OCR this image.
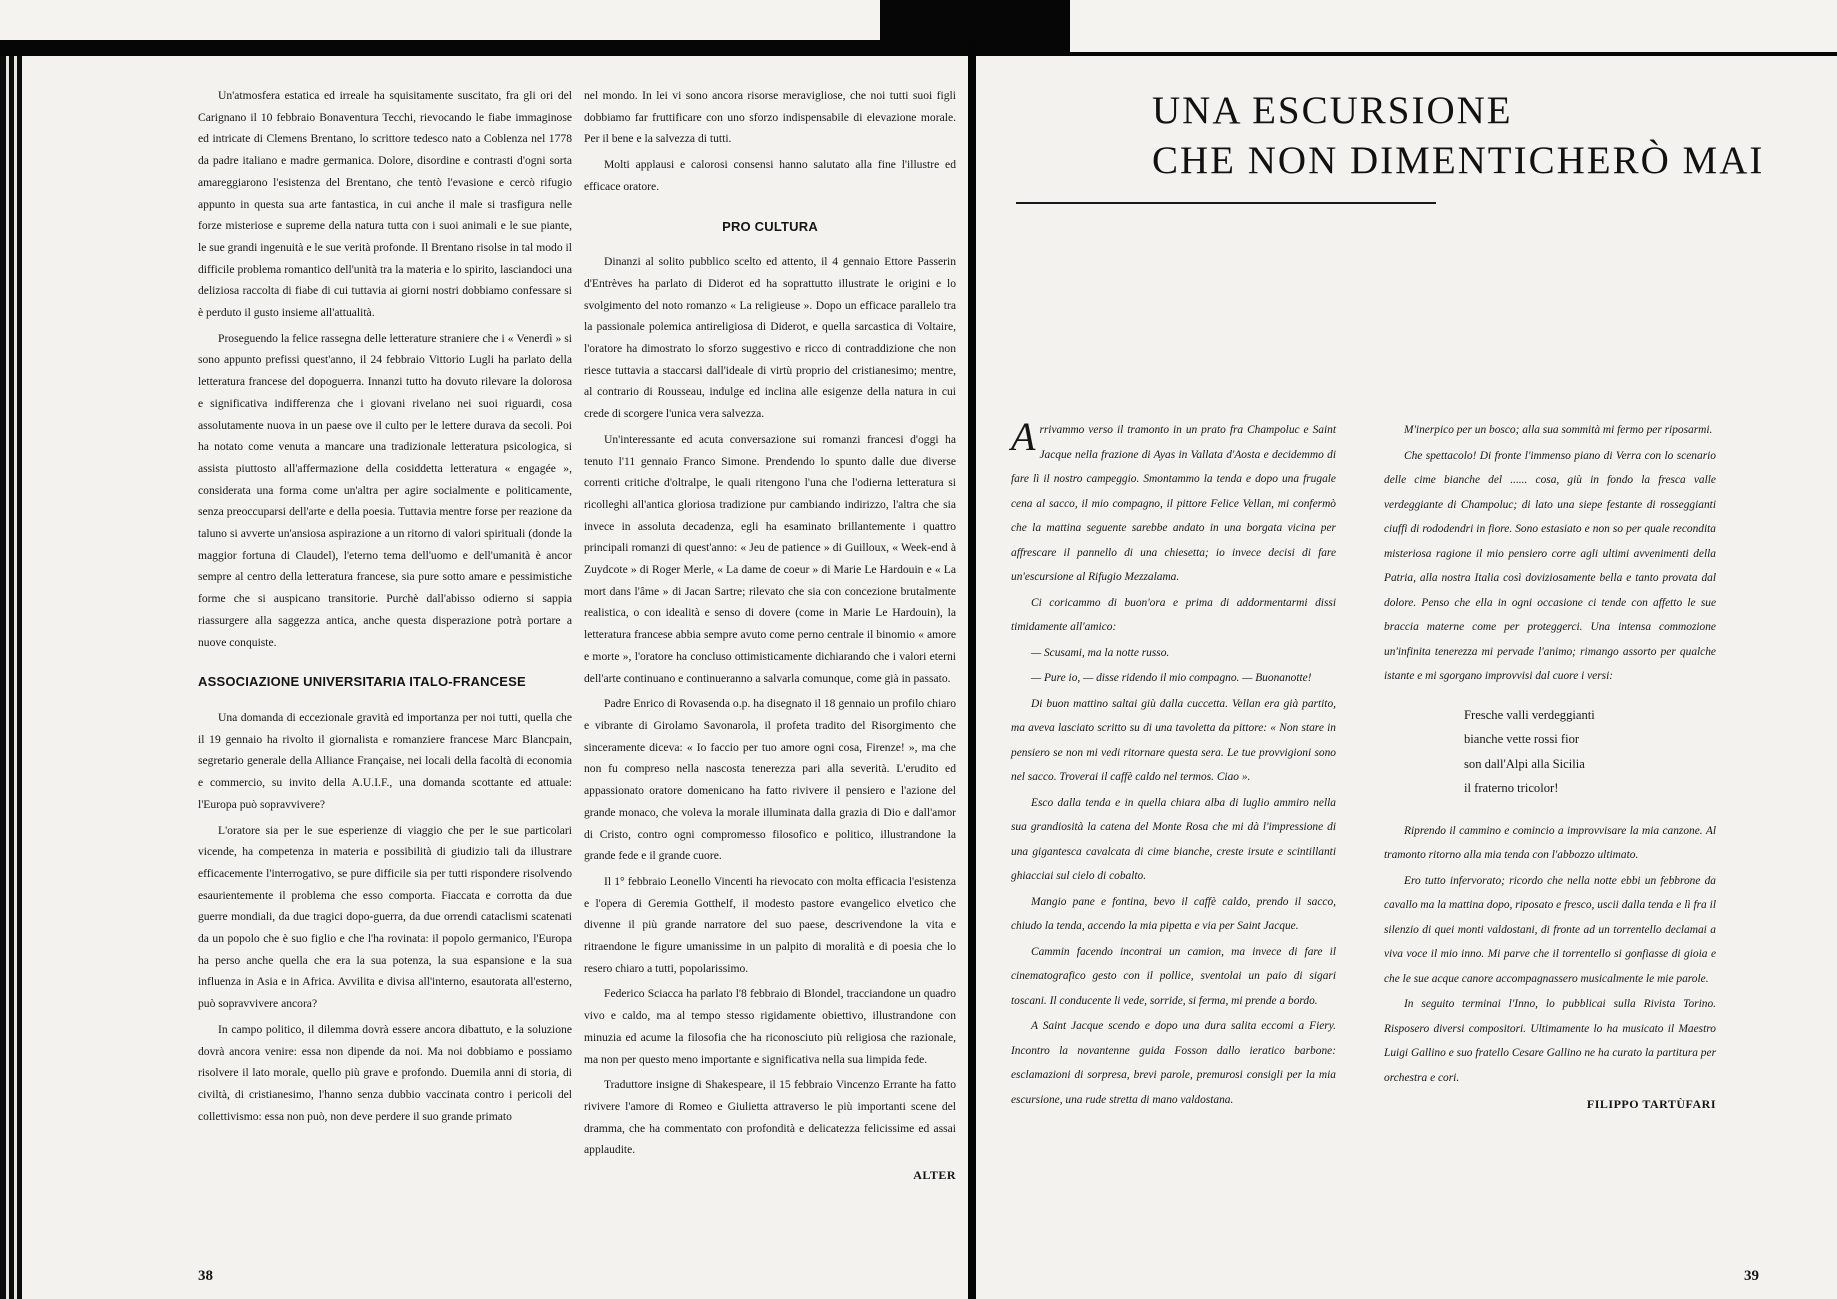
Un'atmosfera estatica ed irreale ha squisitamente suscitato, fra gli ori del Carignano il 10 febbraio Bonaventura Tecchi, rievocando le fiabe immaginose ed intricate di Clemens Brentano, lo scrittore tedesco nato a Coblenza nel 1778 da padre italiano e madre germanica. Dolore, disordine e contrasti d'ogni sorta amareggiarono l'esistenza del Brentano, che tentò l'evasione e cercò rifugio appunto in questa sua arte fantastica, in cui anche il male si trasfigura nelle forze misteriose e supreme della natura tutta con i suoi animali e le sue piante, le sue grandi ingenuità e le sue verità profonde. Il Brentano risolse in tal modo il difficile problema romantico dell'unità tra la materia e lo spirito, lasciandoci una deliziosa raccolta di fiabe di cui tuttavia ai giorni nostri dobbiamo confessare si è perduto il gusto insieme all'attualità.

Proseguendo la felice rassegna delle letterature straniere che i « Venerdì » si sono appunto prefissi quest'anno, il 24 febbraio Vittorio Lugli ha parlato della letteratura francese del dopoguerra. Innanzi tutto ha dovuto rilevare la dolorosa e significativa indifferenza che i giovani rivelano nei suoi riguardi, cosa assolutamente nuova in un paese ove il culto per le lettere durava da secoli. Poi ha notato come venuta a mancare una tradizionale letteratura psicologica, si assista piuttosto all'affermazione della cosiddetta letteratura « engagée », considerata una forma come un'altra per agire socialmente e politicamente, senza preoccuparsi dell'arte e della poesia. Tuttavia mentre forse per reazione da taluno si avverte un'ansiosa aspirazione a un ritorno di valori spirituali (donde la maggior fortuna di Claudel), l'eterno tema dell'uomo e dell'umanità è ancor sempre al centro della letteratura francese, sia pure sotto amare e pessimistiche forme che si auspicano transitorie. Purchè dall'abisso odierno si sappia riassurgere alla saggezza antica, anche questa disperazione potrà portare a nuove conquiste.

ASSOCIAZIONE UNIVERSITARIA ITALO-FRANCESE

Una domanda di eccezionale gravità ed importanza per noi tutti, quella che il 19 gennaio ha rivolto il giornalista e romanziere francese Marc Blancpain, segretario generale della Alliance Française, nei locali della facoltà di economia e commercio, su invito della A.U.I.F., una domanda scottante ed attuale: l'Europa può sopravvivere?

L'oratore sia per le sue esperienze di viaggio che per le sue particolari vicende, ha competenza in materia e possibilità di giudizio tali da illustrare efficacemente l'interrogativo, se pure difficile sia per tutti rispondere risolvendo esaurientemente il problema che esso comporta. Fiaccata e corrotta da due guerre mondiali, da due tragici dopo-guerra, da due orrendi cataclismi scatenati da un popolo che è suo figlio e che l'ha rovinata: il popolo germanico, l'Europa ha perso anche quella che era la sua potenza, la sua espansione e la sua influenza in Asia e in Africa. Avvilita e divisa all'interno, esautorata all'esterno, può sopravvivere ancora?

In campo politico, il dilemma dovrà essere ancora dibattuto, e la soluzione dovrà ancora venire: essa non dipende da noi. Ma noi dobbiamo e possiamo risolvere il lato morale, quello più grave e profondo. Duemila anni di storia, di civiltà, di cristianesimo, l'hanno senza dubbio vaccinata contro i pericoli del collettivismo: essa non può, non deve perdere il suo grande primato

nel mondo. In lei vi sono ancora risorse meravigliose, che noi tutti suoi figli dobbiamo far fruttificare con uno sforzo indispensabile di elevazione morale. Per il bene e la salvezza di tutti.

Molti applausi e calorosi consensi hanno salutato alla fine l'illustre ed efficace oratore.

PRO CULTURA

Dinanzi al solito pubblico scelto ed attento, il 4 gennaio Ettore Passerin d'Entrèves ha parlato di Diderot ed ha soprattutto illustrate le origini e lo svolgimento del noto romanzo « La religieuse ». Dopo un efficace parallelo tra la passionale polemica antireligiosa di Diderot, e quella sarcastica di Voltaire, l'oratore ha dimostrato lo sforzo suggestivo e ricco di contraddizione che non riesce tuttavia a staccarsi dall'ideale di virtù proprio del cristianesimo; mentre, al contrario di Rousseau, indulge ed inclina alle esigenze della natura in cui crede di scorgere l'unica vera salvezza.

Un'interessante ed acuta conversazione sui romanzi francesi d'oggi ha tenuto l'11 gennaio Franco Simone. Prendendo lo spunto dalle due diverse correnti critiche d'oltralpe, le quali ritengono l'una che l'odierna letteratura si ricolleghi all'antica gloriosa tradizione pur cambiando indirizzo, l'altra che sia invece in assoluta decadenza, egli ha esaminato brillantemente i quattro principali romanzi di quest'anno: « Jeu de patience » di Guilloux, « Week-end à Zuydcote » di Roger Merle, « La dame de coeur » di Marie Le Hardouin e « La mort dans l'âme » di Jacan Sartre; rilevato che sia con concezione brutalmente realistica, o con idealità e senso di dovere (come in Marie Le Hardouin), la letteratura francese abbia sempre avuto come perno centrale il binomio « amore e morte », l'oratore ha concluso ottimisticamente dichiarando che i valori eterni dell'arte continuano e continueranno a salvarla comunque, come già in passato.

Padre Enrico di Rovasenda o.p. ha disegnato il 18 gennaio un profilo chiaro e vibrante di Girolamo Savonarola, il profeta tradito del Risorgimento che sinceramente diceva: « Io faccio per tuo amore ogni cosa, Firenze! », ma che non fu compreso nella nascosta tenerezza pari alla severità. L'erudito ed appassionato oratore domenicano ha fatto rivivere il pensiero e l'azione del grande monaco, che voleva la morale illuminata dalla grazia di Dio e dall'amor di Cristo, contro ogni compromesso filosofico e politico, illustrandone la grande fede e il grande cuore.

Il 1° febbraio Leonello Vincenti ha rievocato con molta efficacia l'esistenza e l'opera di Geremia Gotthelf, il modesto pastore evangelico elvetico che divenne il più grande narratore del suo paese, descrivendone la vita e ritraendone le figure umanissime in un palpito di moralità e di poesia che lo resero chiaro a tutti, popolarissimo.

Federico Sciacca ha parlato l'8 febbraio di Blondel, tracciandone un quadro vivo e caldo, ma al tempo stesso rigidamente obiettivo, illustrandone con minuzia ed acume la filosofia che ha riconosciuto più religiosa che razionale, ma non per questo meno importante e significativa nella sua limpida fede.

Traduttore insigne di Shakespeare, il 15 febbraio Vincenzo Errante ha fatto rivivere l'amore di Romeo e Giulietta attraverso le più importanti scene del dramma, che ha commentato con profondità e delicatezza felicissime ed assai applaudite.

ALTER
38
UNA ESCURSIONE
CHE NON DIMENTICHERÒ MAI

Arrivammo verso il tramonto in un prato fra Champoluc e Saint Jacque nella frazione di Ayas in Vallata d'Aosta e decidemmo di fare lì il nostro campeggio. Smontammo la tenda e dopo una frugale cena al sacco, il mio compagno, il pittore Felice Vellan, mi confermò che la mattina seguente sarebbe andato in una borgata vicina per affrescare il pannello di una chiesetta; io invece decisi di fare un'escursione al Rifugio Mezzalama.

Ci coricammo di buon'ora e prima di addormentarmi dissi timidamente all'amico:

— Scusami, ma la notte russo.

— Pure io, — disse ridendo il mio compagno. — Buonanotte!

Di buon mattino saltai giù dalla cuccetta. Vellan era già partito, ma aveva lasciato scritto su di una tavoletta da pittore: « Non stare in pensiero se non mi vedi ritornare questa sera. Le tue provvigioni sono nel sacco. Troverai il caffè caldo nel termos. Ciao ».

Esco dalla tenda e in quella chiara alba di luglio ammiro nella sua grandiosità la catena del Monte Rosa che mi dà l'impressione di una gigantesca cavalcata di cime bianche, creste irsute e scintillanti ghiacciai sul cielo di cobalto.

Mangio pane e fontina, bevo il caffè caldo, prendo il sacco, chiudo la tenda, accendo la mia pipetta e via per Saint Jacque.

Cammin facendo incontrai un camion, ma invece di fare il cinematografico gesto con il pollice, sventolai un paio di sigari toscani. Il conducente li vede, sorride, si ferma, mi prende a bordo.

A Saint Jacque scendo e dopo una dura salita eccomi a Fiery. Incontro la novantenne guida Fosson dallo ieratico barbone: esclamazioni di sorpresa, brevi parole, premurosi consigli per la mia escursione, una rude stretta di mano valdostana.

M'inerpico per un bosco; alla sua sommità mi fermo per riposarmi.

Che spettacolo! Di fronte l'immenso piano di Verra con lo scenario delle cime bianche del ...... cosa, giù in fondo la fresca valle verdeggiante di Champoluc; di lato una siepe festante di rosseggianti ciuffi di rododendri in fiore. Sono estasiato e non so per quale recondita misteriosa ragione il mio pensiero corre agli ultimi avvenimenti della Patria, alla nostra Italia così doviziosamente bella e tanto provata dal dolore. Penso che ella in ogni occasione ci tende con affetto le sue braccia materne come per proteggerci. Una intensa commozione un'infinita tenerezza mi pervade l'animo; rimango assorto per qualche istante e mi sgorgano improvvisi dal cuore i versi:

Fresche valli verdeggianti
bianche vette rossi fior
son dall'Alpi alla Sicilia
il fraterno tricolor!

Riprendo il cammino e comincio a improvvisare la mia canzone. Al tramonto ritorno alla mia tenda con l'abbozzo ultimato.

Ero tutto infervorato; ricordo che nella notte ebbi un febbrone da cavallo ma la mattina dopo, riposato e fresco, uscii dalla tenda e lì fra il silenzio di quei monti valdostani, di fronte ad un torrentello declamai a viva voce il mio inno. Mi parve che il torrentello si gonfiasse di gioia e che le sue acque canore accompagnassero musicalmente le mie parole.

In seguito terminai l'Inno, lo pubblicai sulla Rivista Torino. Risposero diversi compositori. Ultimamente lo ha musicato il Maestro Luigi Gallino e suo fratello Cesare Gallino ne ha curato la partitura per orchestra e cori.

FILIPPO TARTÙFARI
39
